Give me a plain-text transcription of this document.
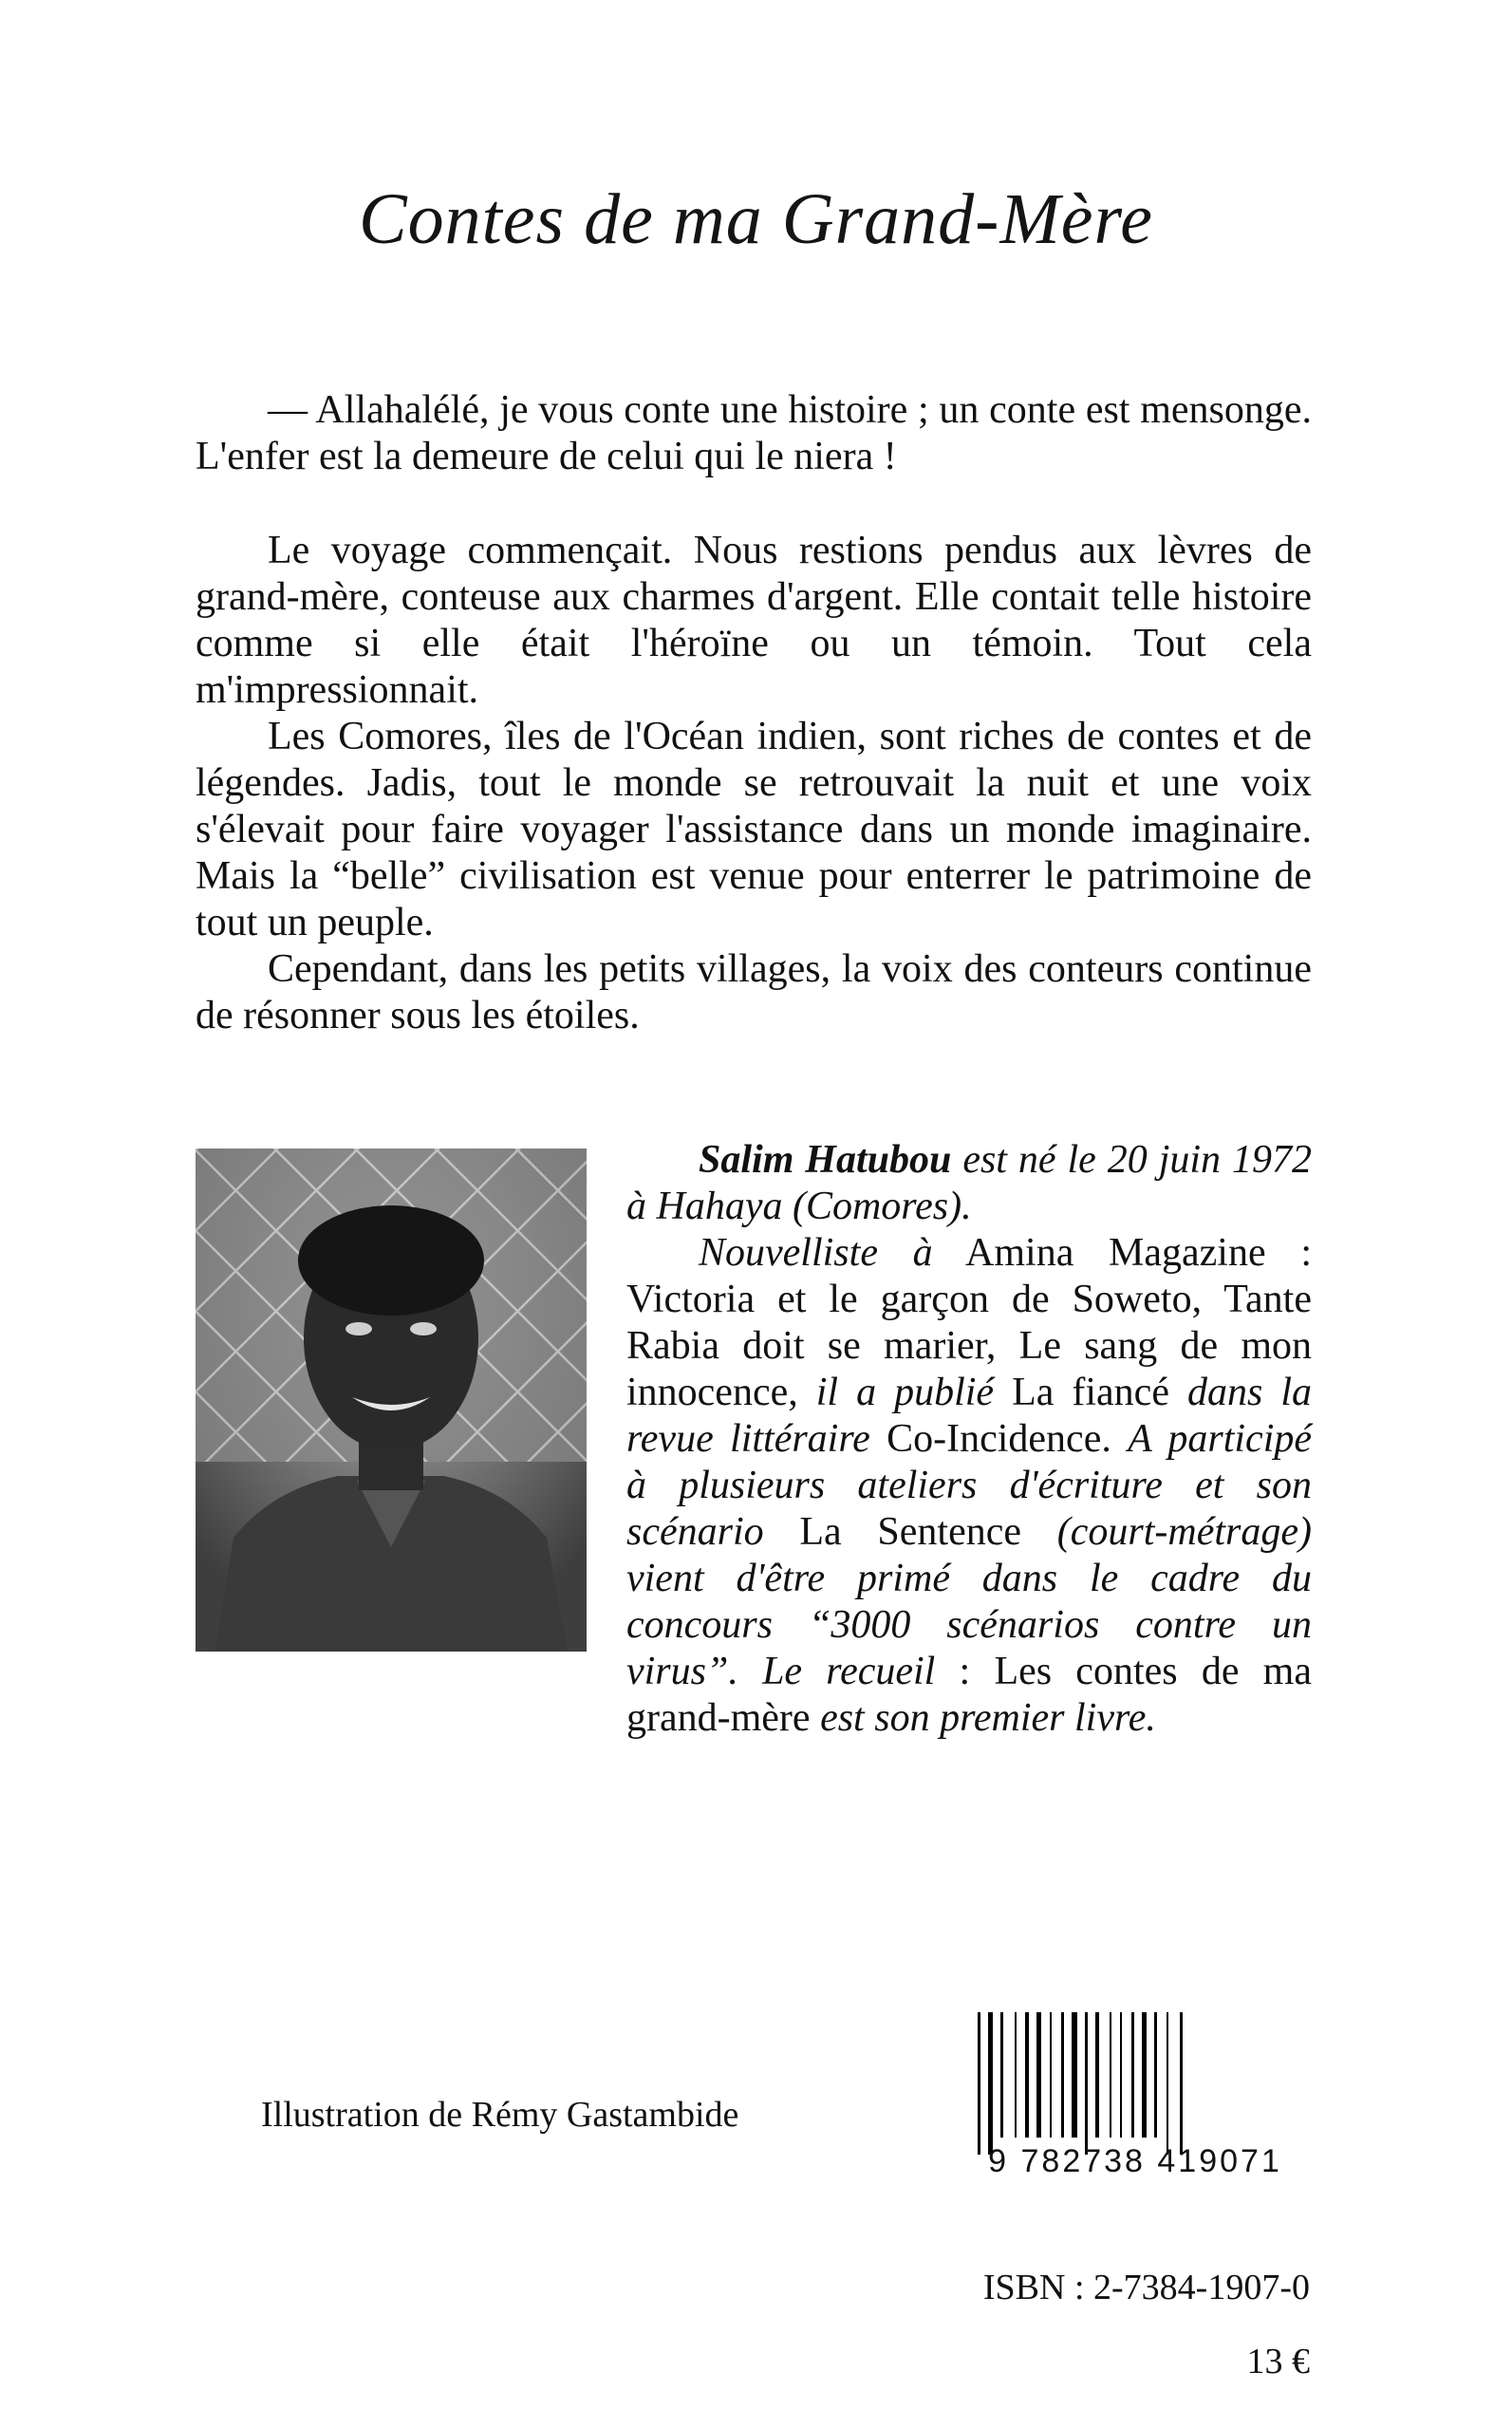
Contes de ma Grand-Mère

— Allahalélé, je vous conte une histoire ; un conte est mensonge. L'enfer est la demeure de celui qui le niera !

Le voyage commençait. Nous restions pendus aux lèvres de grand-mère, conteuse aux charmes d'argent. Elle contait telle histoire comme si elle était l'héroïne ou un témoin. Tout cela m'impressionnait.

Les Comores, îles de l'Océan indien, sont riches de contes et de légendes. Jadis, tout le monde se retrouvait la nuit et une voix s'élevait pour faire voyager l'assistance dans un monde imaginaire. Mais la “belle” civilisation est venue pour enterrer le patrimoine de tout un peuple.

Cependant, dans les petits villages, la voix des conteurs continue de résonner sous les étoiles.

Salim Hatubou est né le 20 juin 1972 à Hahaya (Comores).

Nouvelliste à Amina Magazine : Victoria et le garçon de Soweto, Tante Rabia doit se marier, Le sang de mon innocence, il a publié La fiancé dans la revue littéraire Co-Incidence. A participé à plusieurs ateliers d'écriture et son scénario La Sentence (court-métrage) vient d'être primé dans le cadre du concours “3000 scénarios contre un virus”. Le recueil : Les contes de ma grand-mère est son premier livre.

Illustration de Rémy Gastambide
9 782738 419071
ISBN : 2-7384-1907-0
13 €
